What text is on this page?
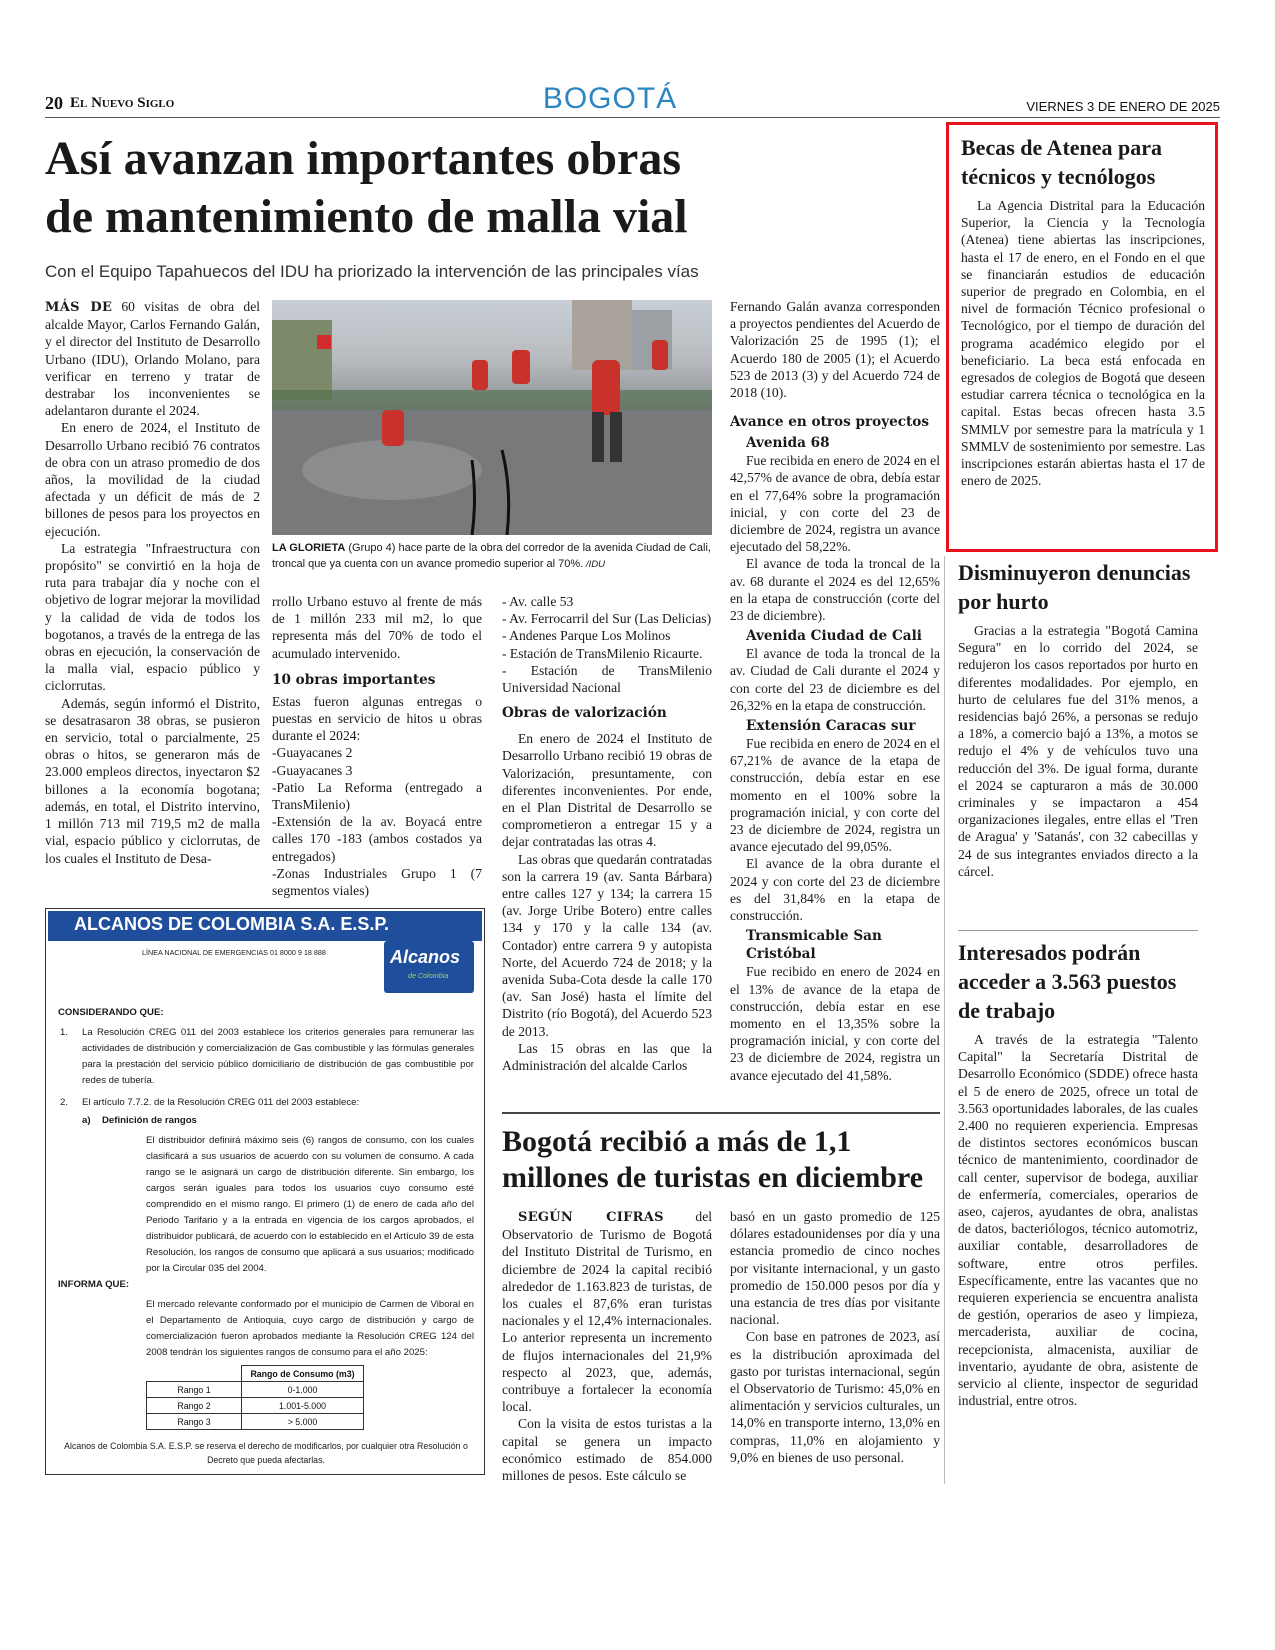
20 El Nuevo Siglo	BOGOTÁ	VIERNES 3 DE ENERO DE 2025
Así avanzan importantes obras
de mantenimiento de malla vial
Con el Equipo Tapahuecos del IDU ha priorizado la intervención de las principales vías

MÁS DE 60 visitas de obra del alcalde Mayor, Carlos Fernando Galán, y el director del Instituto de Desarrollo Urbano (IDU), Orlando Molano, para verificar en terreno y tratar de destrabar los inconvenientes se adelantaron durante el 2024.

En enero de 2024, el Instituto de Desarrollo Urbano recibió 76 contratos de obra con un atraso promedio de dos años, la movilidad de la ciudad afectada y un déficit de más de 2 billones de pesos para los proyectos en ejecución.

La estrategia "Infraestructura con propósito" se convirtió en la hoja de ruta para trabajar día y noche con el objetivo de lograr mejorar la movilidad y la calidad de vida de todos los bogotanos, a través de la entrega de las obras en ejecución, la conservación de la malla vial, espacio público y ciclorrutas.

Además, según informó el Distrito, se desatrasaron 38 obras, se pusieron en servicio, total o parcialmente, 25 obras o hitos, se generaron más de 23.000 empleos directos, inyectaron $2 billones a la economía bogotana; además, en total, el Distrito intervino, 1 millón 713 mil 719,5 m2 de malla vial, espacio público y ciclorrutas, de los cuales el Instituto de Desa-

LA GLORIETA (Grupo 4) hace parte de la obra del corredor de la avenida Ciudad de Cali, troncal que ya cuenta con un avance promedio superior al 70%. /IDU

rrollo Urbano estuvo al frente de más de 1 millón 233 mil m2, lo que representa más del 70% de todo el acumulado intervenido.

10 obras importantes

Estas fueron algunas entregas o puestas en servicio de hitos u obras durante el 2024:

-Guayacanes 2
-Guayacanes 3
-Patio La Reforma (entregado a TransMilenio)
-Extensión de la av. Boyacá entre calles 170 -183 (ambos costados ya entregados)
-Zonas Industriales Grupo 1 (7 segmentos viales)
- Av. calle 53
- Av. Ferrocarril del Sur (Las Delicias)
- Andenes Parque Los Molinos
- Estación de TransMilenio Ricaurte.
- Estación de TransMilenio Universidad Nacional
Obras de valorización

En enero de 2024 el Instituto de Desarrollo Urbano recibió 19 obras de Valorización, presuntamente, con diferentes inconvenientes. Por ende, en el Plan Distrital de Desarrollo se comprometieron a entregar 15 y a dejar contratadas las otras 4.

Las obras que quedarán contratadas son la carrera 19 (av. Santa Bárbara) entre calles 127 y 134; la carrera 15 (av. Jorge Uribe Botero) entre calles 134 y 170 y la calle 134 (av. Contador) entre carrera 9 y autopista Norte, del Acuerdo 724 de 2018; y la avenida Suba-Cota desde la calle 170 (av. San José) hasta el límite del Distrito (río Bogotá), del Acuerdo 523 de 2013.

Las 15 obras en las que la Administración del alcalde Carlos

Fernando Galán avanza corresponden a proyectos pendientes del Acuerdo de Valorización 25 de 1995 (1); el Acuerdo 180 de 2005 (1); el Acuerdo 523 de 2013 (3) y del Acuerdo 724 de 2018 (10).

Avance en otros proyectos
Avenida 68

Fue recibida en enero de 2024 en el 42,57% de avance de obra, debía estar en el 77,64% sobre la programación inicial, y con corte del 23 de diciembre de 2024, registra un avance ejecutado del 58,22%.

El avance de toda la troncal de la av. 68 durante el 2024 es del 12,65% en la etapa de construcción (corte del 23 de diciembre).

Avenida Ciudad de Cali

El avance de toda la troncal de la av. Ciudad de Cali durante el 2024 y con corte del 23 de diciembre es del 26,32% en la etapa de construcción.

Extensión Caracas sur

Fue recibida en enero de 2024 en el 67,21% de avance de la etapa de construcción, debía estar en ese momento en el 100% sobre la programación inicial, y con corte del 23 de diciembre de 2024, registra un avance ejecutado del 99,05%.

El avance de la obra durante el 2024 y con corte del 23 de diciembre es del 31,84% en la etapa de construcción.

Transmicable San Cristóbal

Fue recibido en enero de 2024 en el 13% de avance de la etapa de construcción, debía estar en ese momento en el 13,35% sobre la programación inicial, y con corte del 23 de diciembre de 2024, registra un avance ejecutado del 41,58%.

Becas de Atenea para técnicos y tecnólogos

La Agencia Distrital para la Educación Superior, la Ciencia y la Tecnología (Atenea) tiene abiertas las inscripciones, hasta el 17 de enero, en el Fondo en el que se financiarán estudios de educación superior de pregrado en Colombia, en el nivel de formación Técnico profesional o Tecnológico, por el tiempo de duración del programa académico elegido por el beneficiario. La beca está enfocada en egresados de colegios de Bogotá que deseen estudiar carrera técnica o tecnológica en la capital. Estas becas ofrecen hasta 3.5 SMMLV por semestre para la matrícula y 1 SMMLV de sostenimiento por semestre. Las inscripciones estarán abiertas hasta el 17 de enero de 2025.

Disminuyeron denuncias por hurto

Gracias a la estrategia "Bogotá Camina Segura" en lo corrido del 2024, se redujeron los casos reportados por hurto en diferentes modalidades. Por ejemplo, en hurto de celulares fue del 31% menos, a residencias bajó 26%, a personas se redujo a 18%, a comercio bajó a 13%, a motos se redujo el 4% y de vehículos tuvo una reducción del 3%. De igual forma, durante el 2024 se capturaron a más de 30.000 criminales y se impactaron a 454 organizaciones ilegales, entre ellas el 'Tren de Aragua' y 'Satanás', con 32 cabecillas y 24 de sus integrantes enviados directo a la cárcel.

Interesados podrán acceder a 3.563 puestos de trabajo

A través de la estrategia "Talento Capital" la Secretaría Distrital de Desarrollo Económico (SDDE) ofrece hasta el 5 de enero de 2025, ofrece un total de 3.563 oportunidades laborales, de las cuales 2.400 no requieren experiencia. Empresas de distintos sectores económicos buscan técnico de mantenimiento, coordinador de call center, supervisor de bodega, auxiliar de enfermería, comerciales, operarios de aseo, cajeros, ayudantes de obra, analistas de datos, bacteriólogos, técnico automotriz, auxiliar contable, desarrolladores de software, entre otros perfiles. Específicamente, entre las vacantes que no requieren experiencia se encuentra analista de gestión, operarios de aseo y limpieza, mercaderista, auxiliar de cocina, recepcionista, almacenista, auxiliar de inventario, ayudante de obra, asistente de servicio al cliente, inspector de seguridad industrial, entre otros.

Bogotá recibió a más de 1,1
millones de turistas en diciembre

SEGÚN CIFRAS del Observatorio de Turismo de Bogotá del Instituto Distrital de Turismo, en diciembre de 2024 la capital recibió alrededor de 1.163.823 de turistas, de los cuales el 87,6% eran turistas nacionales y el 12,4% internacionales. Lo anterior representa un incremento de flujos internacionales del 21,9% respecto al 2023, que, además, contribuye a fortalecer la economía local.

Con la visita de estos turistas a la capital se genera un impacto económico estimado de 854.000 millones de pesos. Este cálculo se

basó en un gasto promedio de 125 dólares estadounidenses por día y una estancia promedio de cinco noches por visitante internacional, y un gasto promedio de 150.000 pesos por día y una estancia de tres días por visitante nacional.

Con base en patrones de 2023, así es la distribución aproximada del gasto por turistas internacional, según el Observatorio de Turismo: 45,0% en alimentación y servicios culturales, un 14,0% en transporte interno, 13,0% en compras, 11,0% en alojamiento y 9,0% en bienes de uso personal.

ALCANOS DE COLOMBIA S.A. E.S.P.
LÍNEA NACIONAL DE EMERGENCIAS 01 8000 9 18 888	Alcanos
de Colombia
CONSIDERANDO QUE:
1. La Resolución CREG 011 del 2003 establece los criterios generales para remunerar las actividades de distribución y comercialización de Gas combustible y las fórmulas generales para la prestación del servicio público domiciliario de distribución de gas combustible por redes de tubería.
2. El artículo 7.7.2. de la Resolución CREG 011 del 2003 establece:
a) Definición de rangos
El distribuidor definirá máximo seis (6) rangos de consumo, con los cuales clasificará a sus usuarios de acuerdo con su volumen de consumo. A cada rango se le asignará un cargo de distribución diferente. Sin embargo, los cargos serán iguales para todos los usuarios cuyo consumo esté comprendido en el mismo rango. El primero (1) de enero de cada año del Periodo Tarifario y a la entrada en vigencia de los cargos aprobados, el distribuidor publicará, de acuerdo con lo establecido en el Artículo 39 de esta Resolución, los rangos de consumo que aplicará a sus usuarios; modificado por la Circular 035 del 2004.
INFORMA QUE:
El mercado relevante conformado por el municipio de Carmen de Viboral en el Departamento de Antioquia, cuyo cargo de distribución y cargo de comercialización fueron aprobados mediante la Resolución CREG 124 del 2008 tendrán los siguientes rangos de consumo para el año 2025:
	Rango de Consumo (m3)
Rango 1	0-1.000
Rango 2	1.001-5.000
Rango 3	> 5.000
Alcanos de Colombia S.A. E.S.P. se reserva el derecho de modificarlos, por cualquier otra Resolución o Decreto que pueda afectarlas.
